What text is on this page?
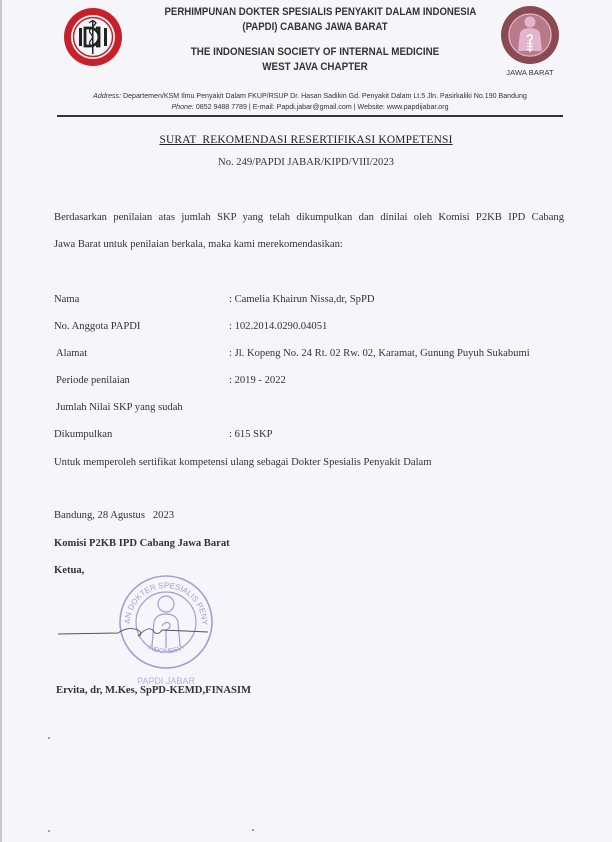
PERHIMPUNAN DOKTER SPESIALIS PENYAKIT DALAM INDONESIA
(PAPDI) CABANG JAWA BARAT
THE INDONESIAN SOCIETY OF INTERNAL MEDICINE
WEST JAVA CHAPTER	JAWA BARAT
Address: Departemen/KSM Ilmu Penyakit Dalam FKUP/RSUP Dr. Hasan Sadikin Gd. Penyakit Dalam Lt.5 Jln. Pasirkaliki No.190 Bandung
Phone: 0852 9488 7789 | E-mail: Papdi.jabar@gmail.com | Website: www.papdijabar.org
SURAT  REKOMENDASI RESERTIFIKASI KOMPETENSI
No. 249/PAPDI JABAR/KIPD/VIII/2023
Berdasarkan penilaian atas jumlah SKP yang telah dikumpulkan dan dinilai oleh Komisi P2KB IPD Cabang
Jawa Barat untuk penilaian berkala, maka kami merekomendasikan:
Nama	: Camelia Khairun Nissa,dr, SpPD
No. Anggota PAPDI	: 102.2014.0290.04051
Alamat	: Jl. Kopeng No. 24 Rt. 02 Rw. 02, Karamat, Gunung Puyuh Sukabumi
Periode penilaian	: 2019 - 2022
Jumlah Nilai SKP yang sudah
Dikumpulkan	: 615 SKP
Untuk memperoleh sertifikat kompetensi ulang sebagai Dokter Spesialis Penyakit Dalam
Bandung, 28 Agustus   2023
Komisi P2KB IPD Cabang Jawa Barat
Ketua,
AN DOKTER SPESIALIS PENY
INDONESIA
PAPDI JABAR
Ervita, dr, M.Kes, SpPD-KEMD,FINASIM
